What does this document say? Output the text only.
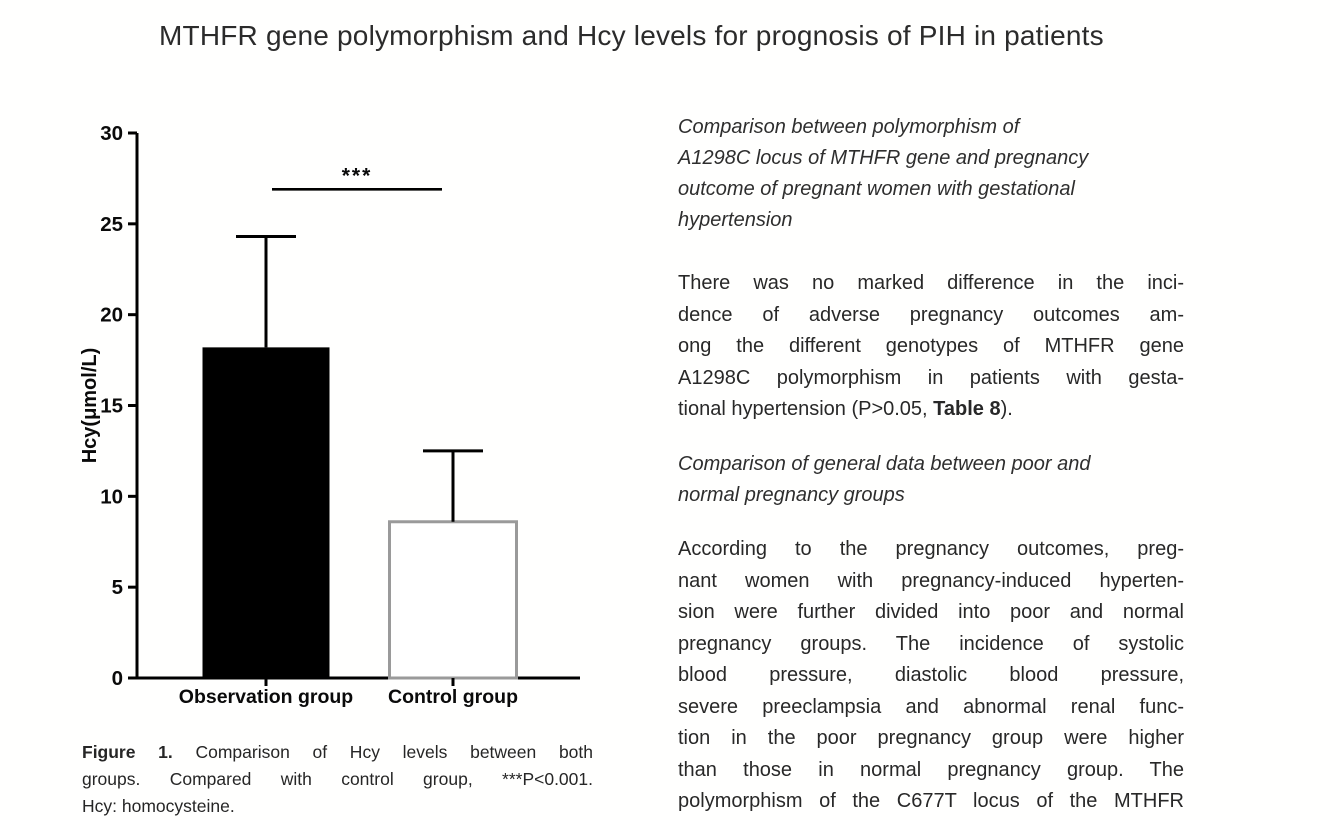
MTHFR gene polymorphism and Hcy levels for prognosis of PIH in patients
0
5
10
15
20
25
30
Hcy(μmol/L)
Observation group Control group
***
Figure 1. Comparison of Hcy levels between both
groups. Compared with control group, ***P<0.001.
Hcy: homocysteine.
Comparison between polymorphism of
A1298C locus of MTHFR gene and pregnancy
outcome of pregnant women with gestational
hypertension
There was no marked difference in the inci-
dence of adverse pregnancy outcomes am-
ong the different genotypes of MTHFR gene
A1298C polymorphism in patients with gesta-
tional hypertension (P>0.05, Table 8).
Comparison of general data between poor and
normal pregnancy groups
According to the pregnancy outcomes, preg-
nant women with pregnancy-induced hyperten-
sion were further divided into poor and normal
pregnancy groups. The incidence of systolic
blood pressure, diastolic blood pressure,
severe preeclampsia and abnormal renal func-
tion in the poor pregnancy group were higher
than those in normal pregnancy group. The
polymorphism of the C677T locus of the MTHFR
